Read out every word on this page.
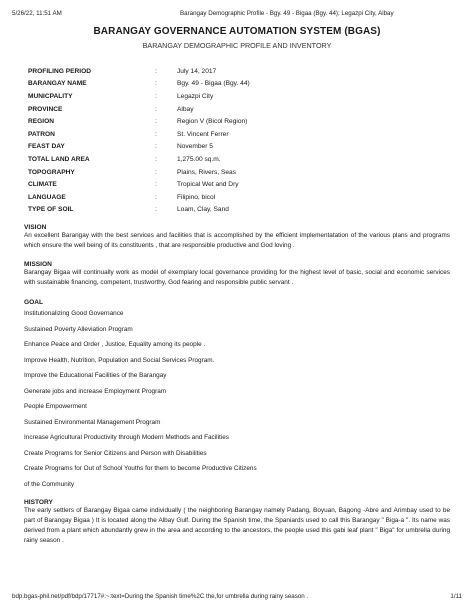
5/26/22, 11:51 AM	Barangay Demographic Profile - Bgy. 49 - Bigaa (Bgy. 44); Legazpi City, Albay
BARANGAY GOVERNANCE AUTOMATION SYSTEM (BGAS)
BARANGAY DEMOGRAPHIC PROFILE AND INVENTORY
PROFILING PERIOD	:	July 14, 2017
BARANGAY NAME	:	Bgy. 49 - Bigaa (Bgy. 44)
MUNICPALITY	:	Legazpi City
PROVINCE	:	Albay
REGION	:	Region V (Bicol Region)
PATRON	:	St. Vincent Ferrer
FEAST DAY	:	November 5
TOTAL LAND AREA	:	1,275.00 sq.m.
TOPOGRAPHY	:	Plains, Rivers, Seas
CLIMATE	:	Tropical Wet and Dry
LANGUAGE	:	Filipino, bicol
TYPE OF SOIL	:	Loam, Clay, Sand
VISION
An excellent Barangay with the best services and facilities that is accomplished by the efficient implementatation of the various plans and programs which ensure the well being of its constituents , that are responsible productive and God loving .
MISSION
Barangay Bigaa will continually work as model of exemplary local governance providing for the highest level of basic, social and economic services with sustainable financing, competent, trustworthy, God fearing and responsible public servant .
GOAL
Institutionalizing Good Governance
Sustained Poverty Alleviation Program
Enhance Peace and Order , Justice, Equality among its people .
Improve Health, Nutrition, Population and Social Services Program.
Improve the Educational Facilities of the Barangay
Generate jobs and increase Employment Program
People Empowerment
Sustained Environmental Management Program
Increase Agricultural Productivity through Modern Methods and Facilities
Create Programs for Senior Citizens and Person with Disabilities
Create Programs for Out of School Youths for them to become Productive Citizens
of the Community
HISTORY
The early settlers of Barangay Bigaa came individually ( the neighboring Barangay namely Padang, Boyuan, Bagong -Abre and Arimbay used to be part of Barangay Bigaa ) It is located along the Albay Gulf. During the Spanish time, the Spaniards used to call this Barangay " Biga-a ". Its name was derived from a plant which abundantly grew in the area and according to the ancestors, the people used this gabi leaf plant " Biga" for umbrella during rainy season .
bdp.bgas-phil.net/pdf/bdp/17717#:~:text=During the Spanish time%2C the,for umbrella during rainy season .	1/11
